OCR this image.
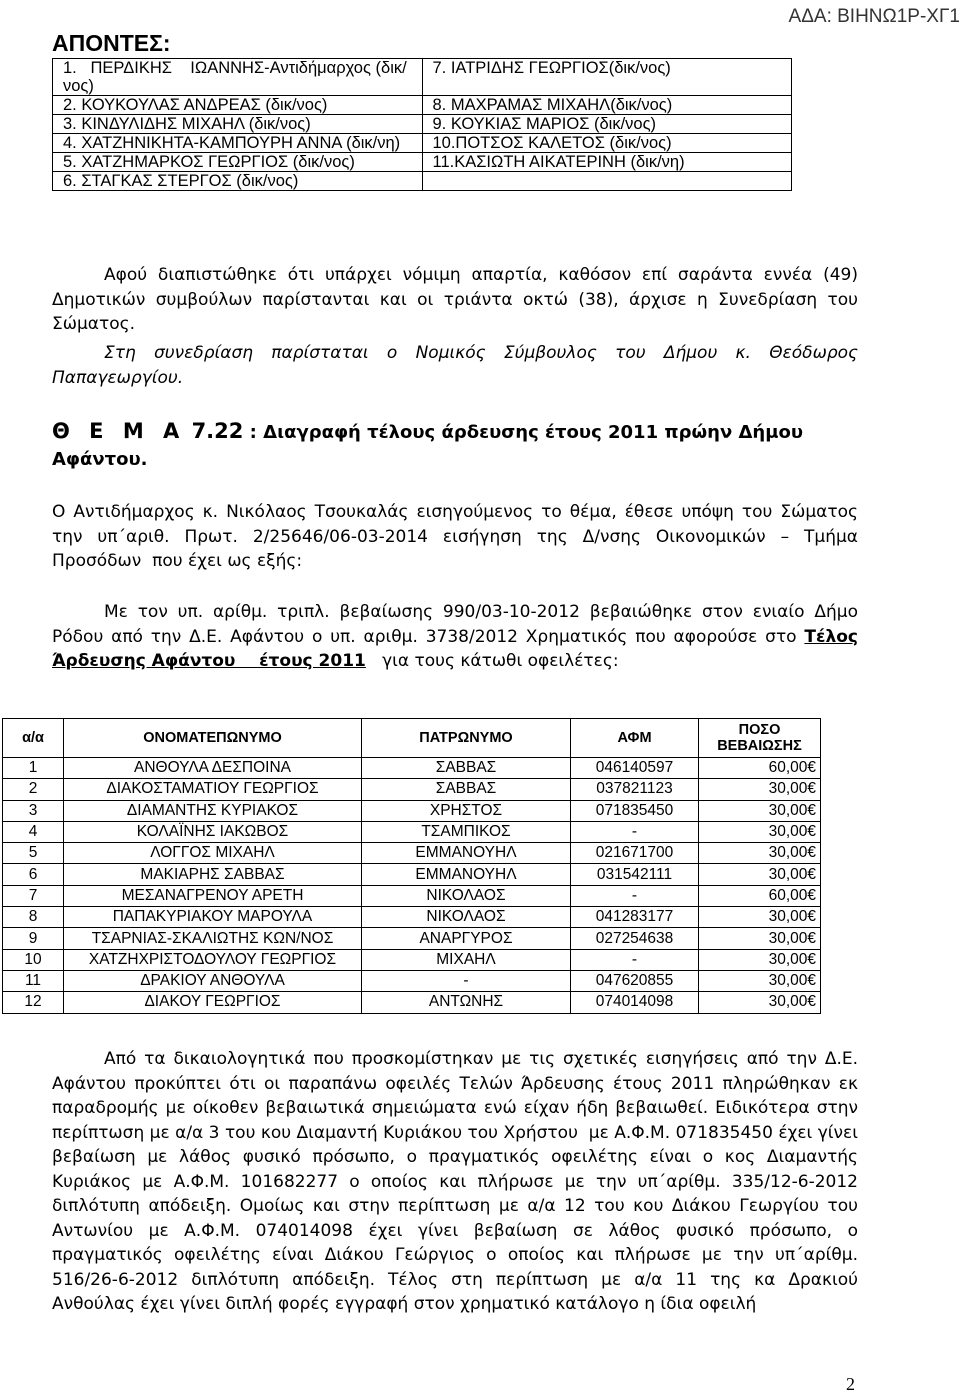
ΑΔΑ: ΒΙΗΝΩ1Ρ-ΧΓ1
ΑΠΟΝΤΕΣ:
1.   ΠΕΡΔΙΚΗΣ    ΙΩΑΝΝΗΣ-Αντιδήμαρχος (δικ/νος)	7. ΙΑΤΡΙΔΗΣ ΓΕΩΡΓΙΟΣ(δικ/νος)
2. ΚΟΥΚΟΥΛΑΣ ΑΝΔΡΕΑΣ (δικ/νος)	8. ΜΑΧΡΑΜΑΣ ΜΙΧΑΗΛ(δικ/νος)
3. ΚΙΝΔΥΛΙΔΗΣ ΜΙΧΑΗΛ (δικ/νος)	9. ΚΟΥΚΙΑΣ ΜΑΡΙΟΣ (δικ/νος)
4. ΧΑΤΖΗΝΙΚΗΤΑ-ΚΑΜΠΟΥΡΗ ΑΝΝΑ (δικ/νη)	10.ΠΟΤΣΟΣ ΚΑΛΕΤΟΣ (δικ/νος)
5. ΧΑΤΖΗΜΑΡΚΟΣ ΓΕΩΡΓΙΟΣ (δικ/νος)	11.ΚΑΣΙΩΤΗ ΑΙΚΑΤΕΡΙΝΗ (δικ/νη)
6. ΣΤΑΓΚΑΣ ΣΤΕΡΓΟΣ (δικ/νος)	

Αφού διαπιστώθηκε ότι υπάρχει νόμιμη απαρτία, καθόσον επί σαράντα εννέα (49) Δημοτικών συμβούλων παρίστανται και οι τριάντα οκτώ (38), άρχισε η Συνεδρίαση του Σώματος.

Στη συνεδρίαση παρίσταται ο Νομικός Σύμβουλος του Δήμου κ. Θεόδωρος Παπαγεωργίου.

Θ Ε Μ Α 7.22 : Διαγραφή τέλους άρδευσης έτους 2011 πρώην Δήμου Αφάντου.

Ο Αντιδήμαρχος κ. Νικόλαος Τσουκαλάς εισηγούμενος το θέμα, έθεσε υπόψη του Σώματος την υπ΄αριθ. Πρωτ. 2/25646/06-03-2014 εισήγηση της Δ/νσης Οικονομικών – Τμήμα Προσόδων  που έχει ως εξής:

Με τον υπ. αρίθμ. τριπλ. βεβαίωσης 990/03-10-2012 βεβαιώθηκε στον ενιαίο Δήμο Ρόδου από την Δ.Ε. Αφάντου ο υπ. αριθμ. 3738/2012 Χρηματικός που αφορούσε στο Τέλος Άρδευσης Αφάντου    έτους 2011   για τους κάτωθι οφειλέτες:

α/α	ΟΝΟΜΑΤΕΠΩΝΥΜΟ	ΠΑΤΡΩΝΥΜΟ	ΑΦΜ	ΠΟΣΟ ΒΕΒΑΙΩΣΗΣ
1	ΑΝΘΟΥΛΑ ΔΕΣΠΟΙΝΑ	ΣΑΒΒΑΣ	046140597	60,00€
2	ΔΙΑΚΟΣΤΑΜΑΤΙΟΥ ΓΕΩΡΓΙΟΣ	ΣΑΒΒΑΣ	037821123	30,00€
3	ΔΙΑΜΑΝΤΗΣ ΚΥΡΙΑΚΟΣ	ΧΡΗΣΤΟΣ	071835450	30,00€
4	ΚΟΛΑΪΝΗΣ ΙΑΚΩΒΟΣ	ΤΣΑΜΠΙΚΟΣ	-	30,00€
5	ΛΟΓΓΟΣ ΜΙΧΑΗΛ	ΕΜΜΑΝΟΥΗΛ	021671700	30,00€
6	ΜΑΚΙΑΡΗΣ ΣΑΒΒΑΣ	ΕΜΜΑΝΟΥΗΛ	031542111	30,00€
7	ΜΕΣΑΝΑΓΡΕΝΟΥ ΑΡΕΤΗ	ΝΙΚΟΛΑΟΣ	-	60,00€
8	ΠΑΠΑΚΥΡΙΑΚΟΥ ΜΑΡΟΥΛΑ	ΝΙΚΟΛΑΟΣ	041283177	30,00€
9	ΤΣΑΡΝΙΑΣ-ΣΚΑΛΙΩΤΗΣ ΚΩΝ/ΝΟΣ	ΑΝΑΡΓΥΡΟΣ	027254638	30,00€
10	ΧΑΤΖΗΧΡΙΣΤΟΔΟΥΛΟΥ ΓΕΩΡΓΙΟΣ	ΜΙΧΑΗΛ	-	30,00€
11	ΔΡΑΚΙΟΥ ΑΝΘΟΥΛΑ	-	047620855	30,00€
12	ΔΙΑΚΟΥ ΓΕΩΡΓΙΟΣ	ΑΝΤΩΝΗΣ	074014098	30,00€

Από τα δικαιολογητικά που προσκομίστηκαν με τις σχετικές εισηγήσεις από την Δ.Ε. Αφάντου προκύπτει ότι οι παραπάνω οφειλές Τελών Άρδευσης έτους 2011 πληρώθηκαν εκ παραδρομής με οίκοθεν βεβαιωτικά σημειώματα ενώ είχαν ήδη βεβαιωθεί. Ειδικότερα στην περίπτωση με α/α 3 του κου Διαμαντή Κυριάκου του Χρήστου  με Α.Φ.Μ. 071835450 έχει γίνει βεβαίωση με λάθος φυσικό πρόσωπο, ο πραγματικός οφειλέτης είναι ο κος Διαμαντής Κυριάκος με Α.Φ.Μ. 101682277 ο οποίος και πλήρωσε με την υπ΄αρίθμ. 335/12-6-2012 διπλότυπη απόδειξη. Ομοίως και στην περίπτωση με α/α 12 του κου Διάκου Γεωργίου του Αντωνίου με Α.Φ.Μ. 074014098 έχει γίνει βεβαίωση σε λάθος φυσικό πρόσωπο, ο πραγματικός οφειλέτης είναι Διάκου Γεώργιος ο οποίος και πλήρωσε με την υπ΄αρίθμ. 516/26-6-2012 διπλότυπη απόδειξη. Τέλος στη περίπτωση με α/α 11 της κα Δρακιού Ανθούλας έχει γίνει διπλή φορές εγγραφή στον χρηματικό κατάλογο η ίδια οφειλή

2
